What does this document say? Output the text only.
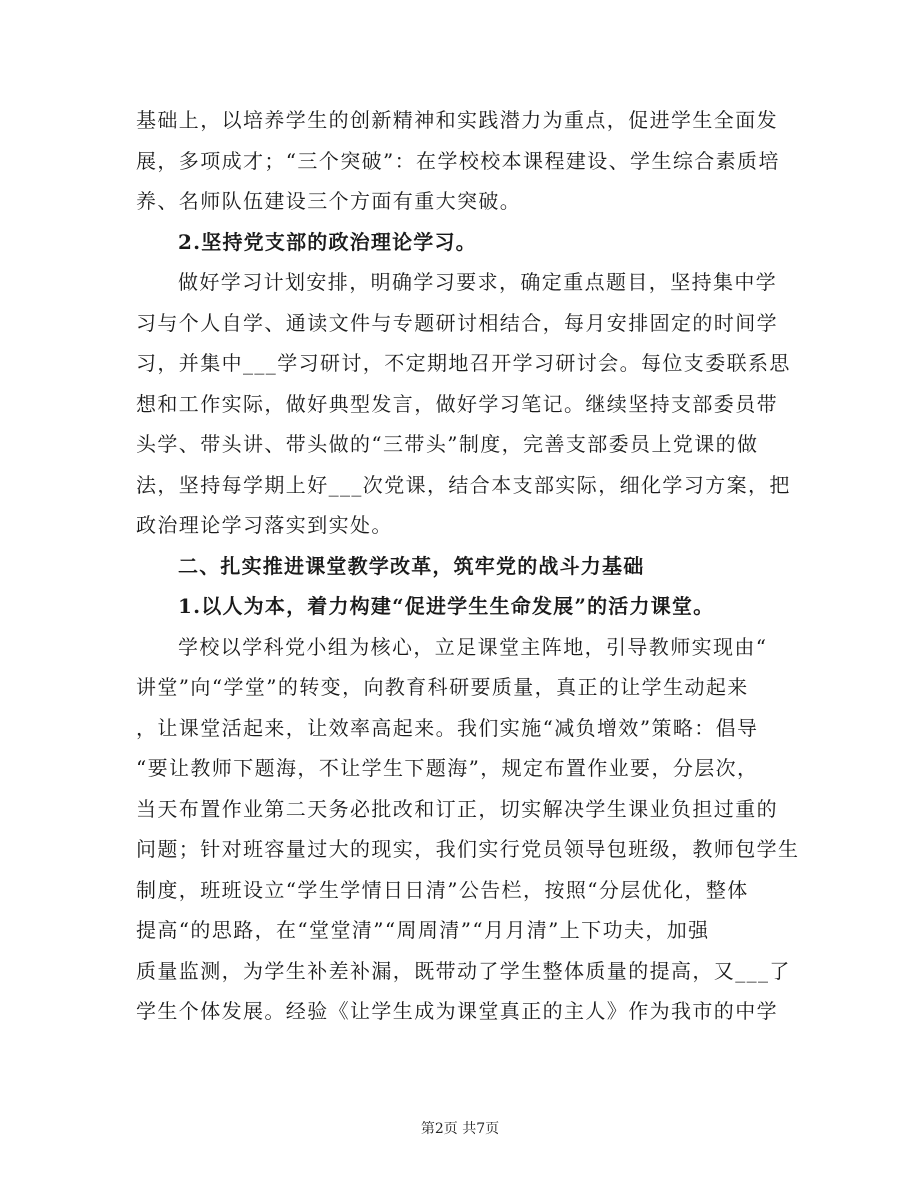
基础上，以培养学生的创新精神和实践潜力为重点，促进学生全面发
展，多项成才；“三个突破”：在学校校本课程建设、学生综合素质培
养、名师队伍建设三个方面有重大突破。
2.坚持党支部的政治理论学习。
做好学习计划安排，明确学习要求，确定重点题目，坚持集中学
习与个人自学、通读文件与专题研讨相结合，每月安排固定的时间学
习，并集中___学习研讨，不定期地召开学习研讨会。每位支委联系思
想和工作实际，做好典型发言，做好学习笔记。继续坚持支部委员带
头学、带头讲、带头做的“三带头”制度，完善支部委员上党课的做
法，坚持每学期上好___次党课，结合本支部实际，细化学习方案，把
政治理论学习落实到实处。
二、扎实推进课堂教学改革，筑牢党的战斗力基础
1.以人为本，着力构建“促进学生生命发展”的活力课堂。
学校以学科党小组为核心，立足课堂主阵地，引导教师实现由“
讲堂”向“学堂”的转变，向教育科研要质量，真正的让学生动起来
，让课堂活起来，让效率高起来。我们实施“减负增效”策略：倡导
“要让教师下题海，不让学生下题海”，规定布置作业要，分层次，
当天布置作业第二天务必批改和订正，切实解决学生课业负担过重的
问题；针对班容量过大的现实，我们实行党员领导包班级，教师包学生
制度，班班设立“学生学情日日清”公告栏，按照“分层优化，整体
提高“的思路，在“堂堂清”“周周清”“月月清”上下功夫，加强
质量监测，为学生补差补漏，既带动了学生整体质量的提高，又___了
学生个体发展。经验《让学生成为课堂真正的主人》作为我市的中学
第2页 共7页
